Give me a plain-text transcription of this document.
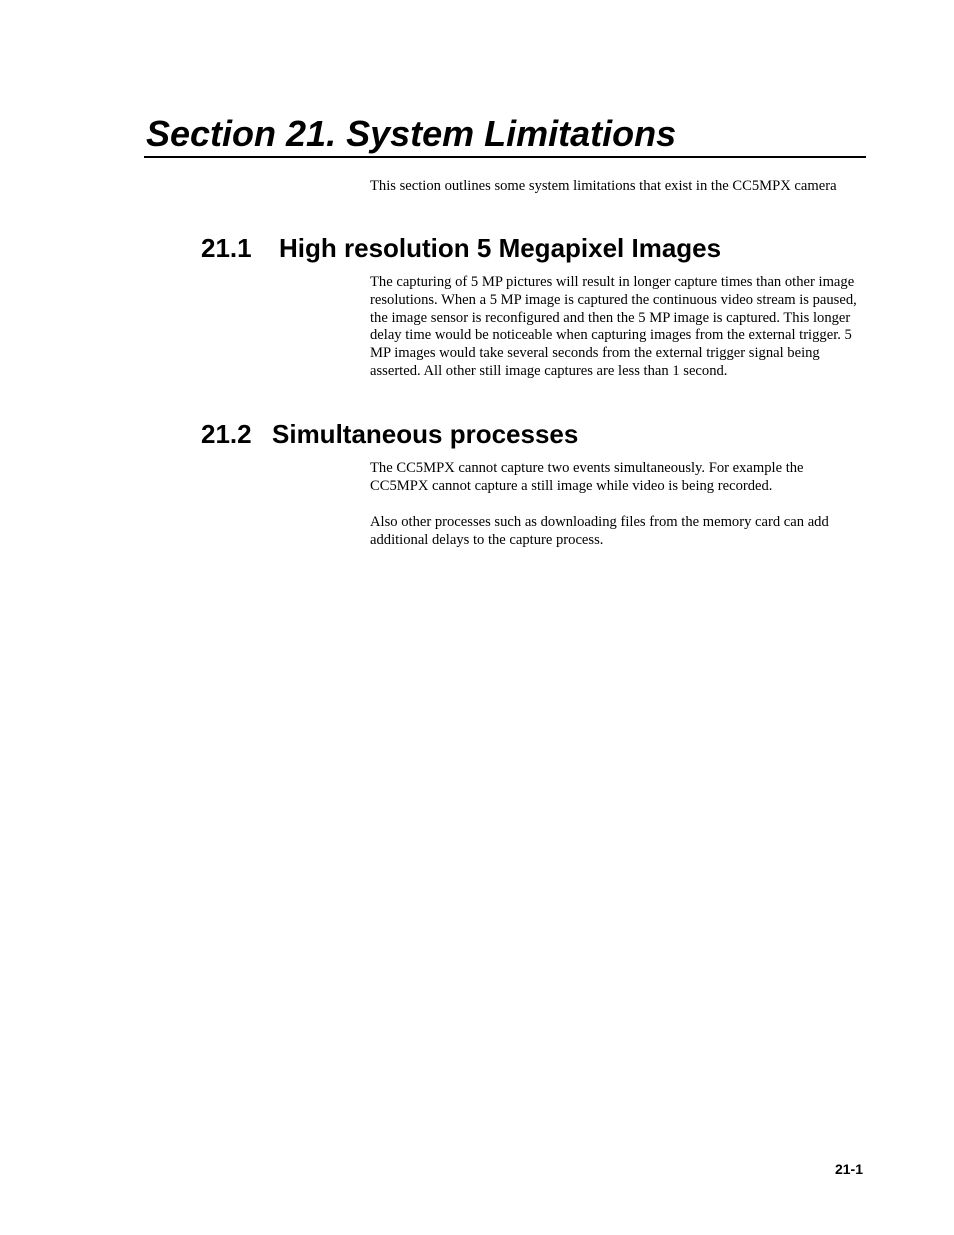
Section 21. System Limitations

This section outlines some system limitations that exist in the CC5MPX camera

21.1 High resolution 5 Megapixel Images

The capturing of 5 MP pictures will result in longer capture times than other image resolutions. When a 5 MP image is captured the continuous video stream is paused, the image sensor is reconfigured and then the 5 MP image is captured. This longer delay time would be noticeable when capturing images from the external trigger. 5 MP images would take several seconds from the external trigger signal being asserted. All other still image captures are less than 1 second.

21.2 Simultaneous processes

The CC5MPX cannot capture two events simultaneously. For example the CC5MPX cannot capture a still image while video is being recorded.

Also other processes such as downloading files from the memory card can add additional delays to the capture process.

21-1
